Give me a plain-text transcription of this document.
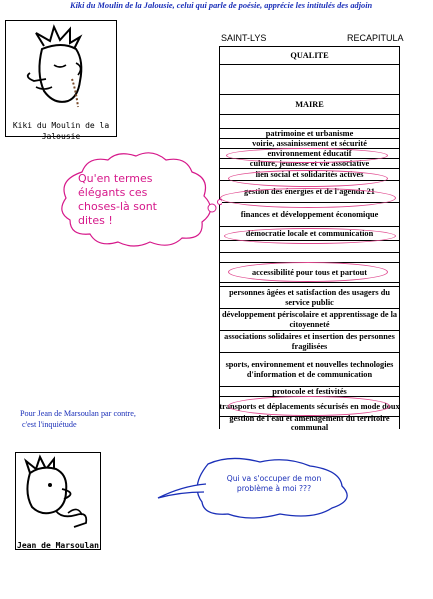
Kiki du Moulin de la Jalousie, celui qui parle de poésie, apprécie les intitulés des adjoin
Kiki du Moulin de la
Jalousie
SAINT-LYS	RECAPITULA
QUALITE
MAIRE
patrimoine et urbanisme
voirie, assainissement et sécurité
environnement éducatif
culture, jeunesse et vie associative
lien social et solidarités actives
gestion des énergies et de l'agenda 21
finances et développement économique
démocratie locale et communication
accessibilité pour tous et partout
personnes âgées et satisfaction des usagers du service public
développement périscolaire et apprentissage de la citoyenneté
associations solidaires et insertion des personnes fragilisées
sports, environnement et nouvelles technologies d'information et de communication
protocole et festivités
transports et déplacements sécurisés en mode doux
gestion de l'eau et aménagement du territoire communal
Qu'en termes
élégants ces
choses-là sont
dites !
Pour Jean de Marsoulan par contre,
c'est l'inquiétude
Jean de Marsoulan
Qui va s'occuper de mon
problème à moi ???
